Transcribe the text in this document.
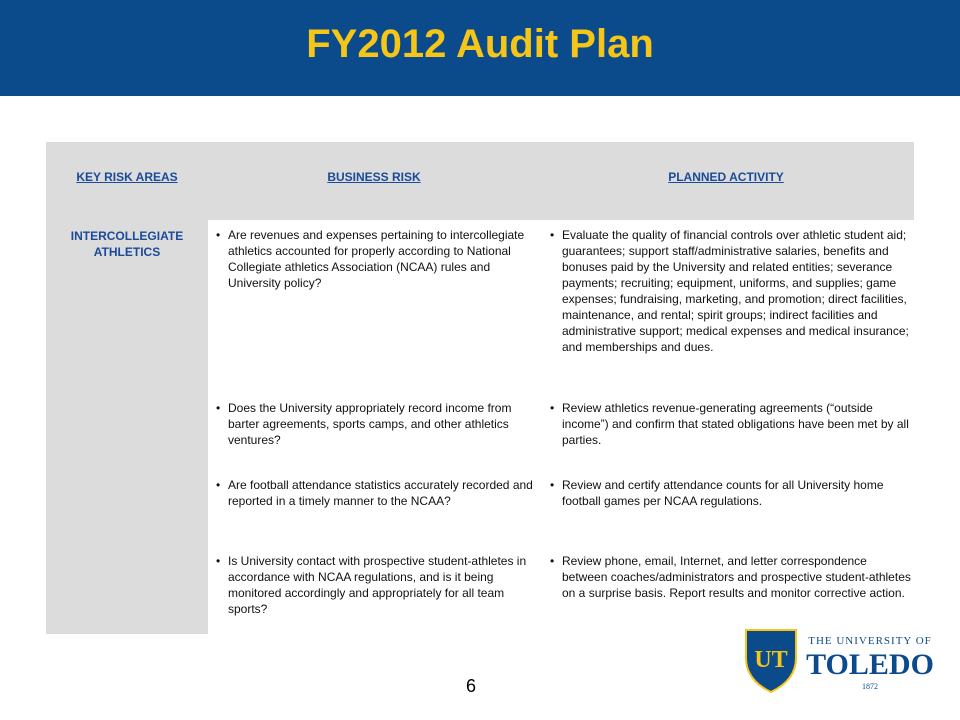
FY2012 Audit Plan
KEY RISK AREAS	BUSINESS RISK	PLANNED ACTIVITY
INTERCOLLEGIATE
ATHLETICS
• Are revenues and expenses pertaining to intercollegiate athletics accounted for properly according to National Collegiate athletics Association (NCAA) rules and University policy?
• Evaluate the quality of financial controls over athletic student aid; guarantees; support staff/administrative salaries, benefits and bonuses paid by the University and related entities; severance payments; recruiting; equipment, uniforms, and supplies; game expenses; fundraising, marketing, and promotion; direct facilities, maintenance, and rental; spirit groups; indirect facilities and administrative support; medical expenses and medical insurance; and memberships and dues.
• Does the University appropriately record income from barter agreements, sports camps, and other athletics ventures?
• Review athletics revenue-generating agreements (“outside income”) and confirm that stated obligations have been met by all parties.
• Are football attendance statistics accurately recorded and reported in a timely manner to the NCAA?
• Review and certify attendance counts for all University home football games per NCAA regulations.
• Is University contact with prospective student-athletes in accordance with NCAA regulations, and is it being monitored accordingly and appropriately for all team sports?
• Review phone, email, Internet, and letter correspondence between coaches/administrators and prospective student-athletes on a surprise basis. Report results and monitor corrective action.
6
UT
THE UNIVERSITY OF
TOLEDO
1872
